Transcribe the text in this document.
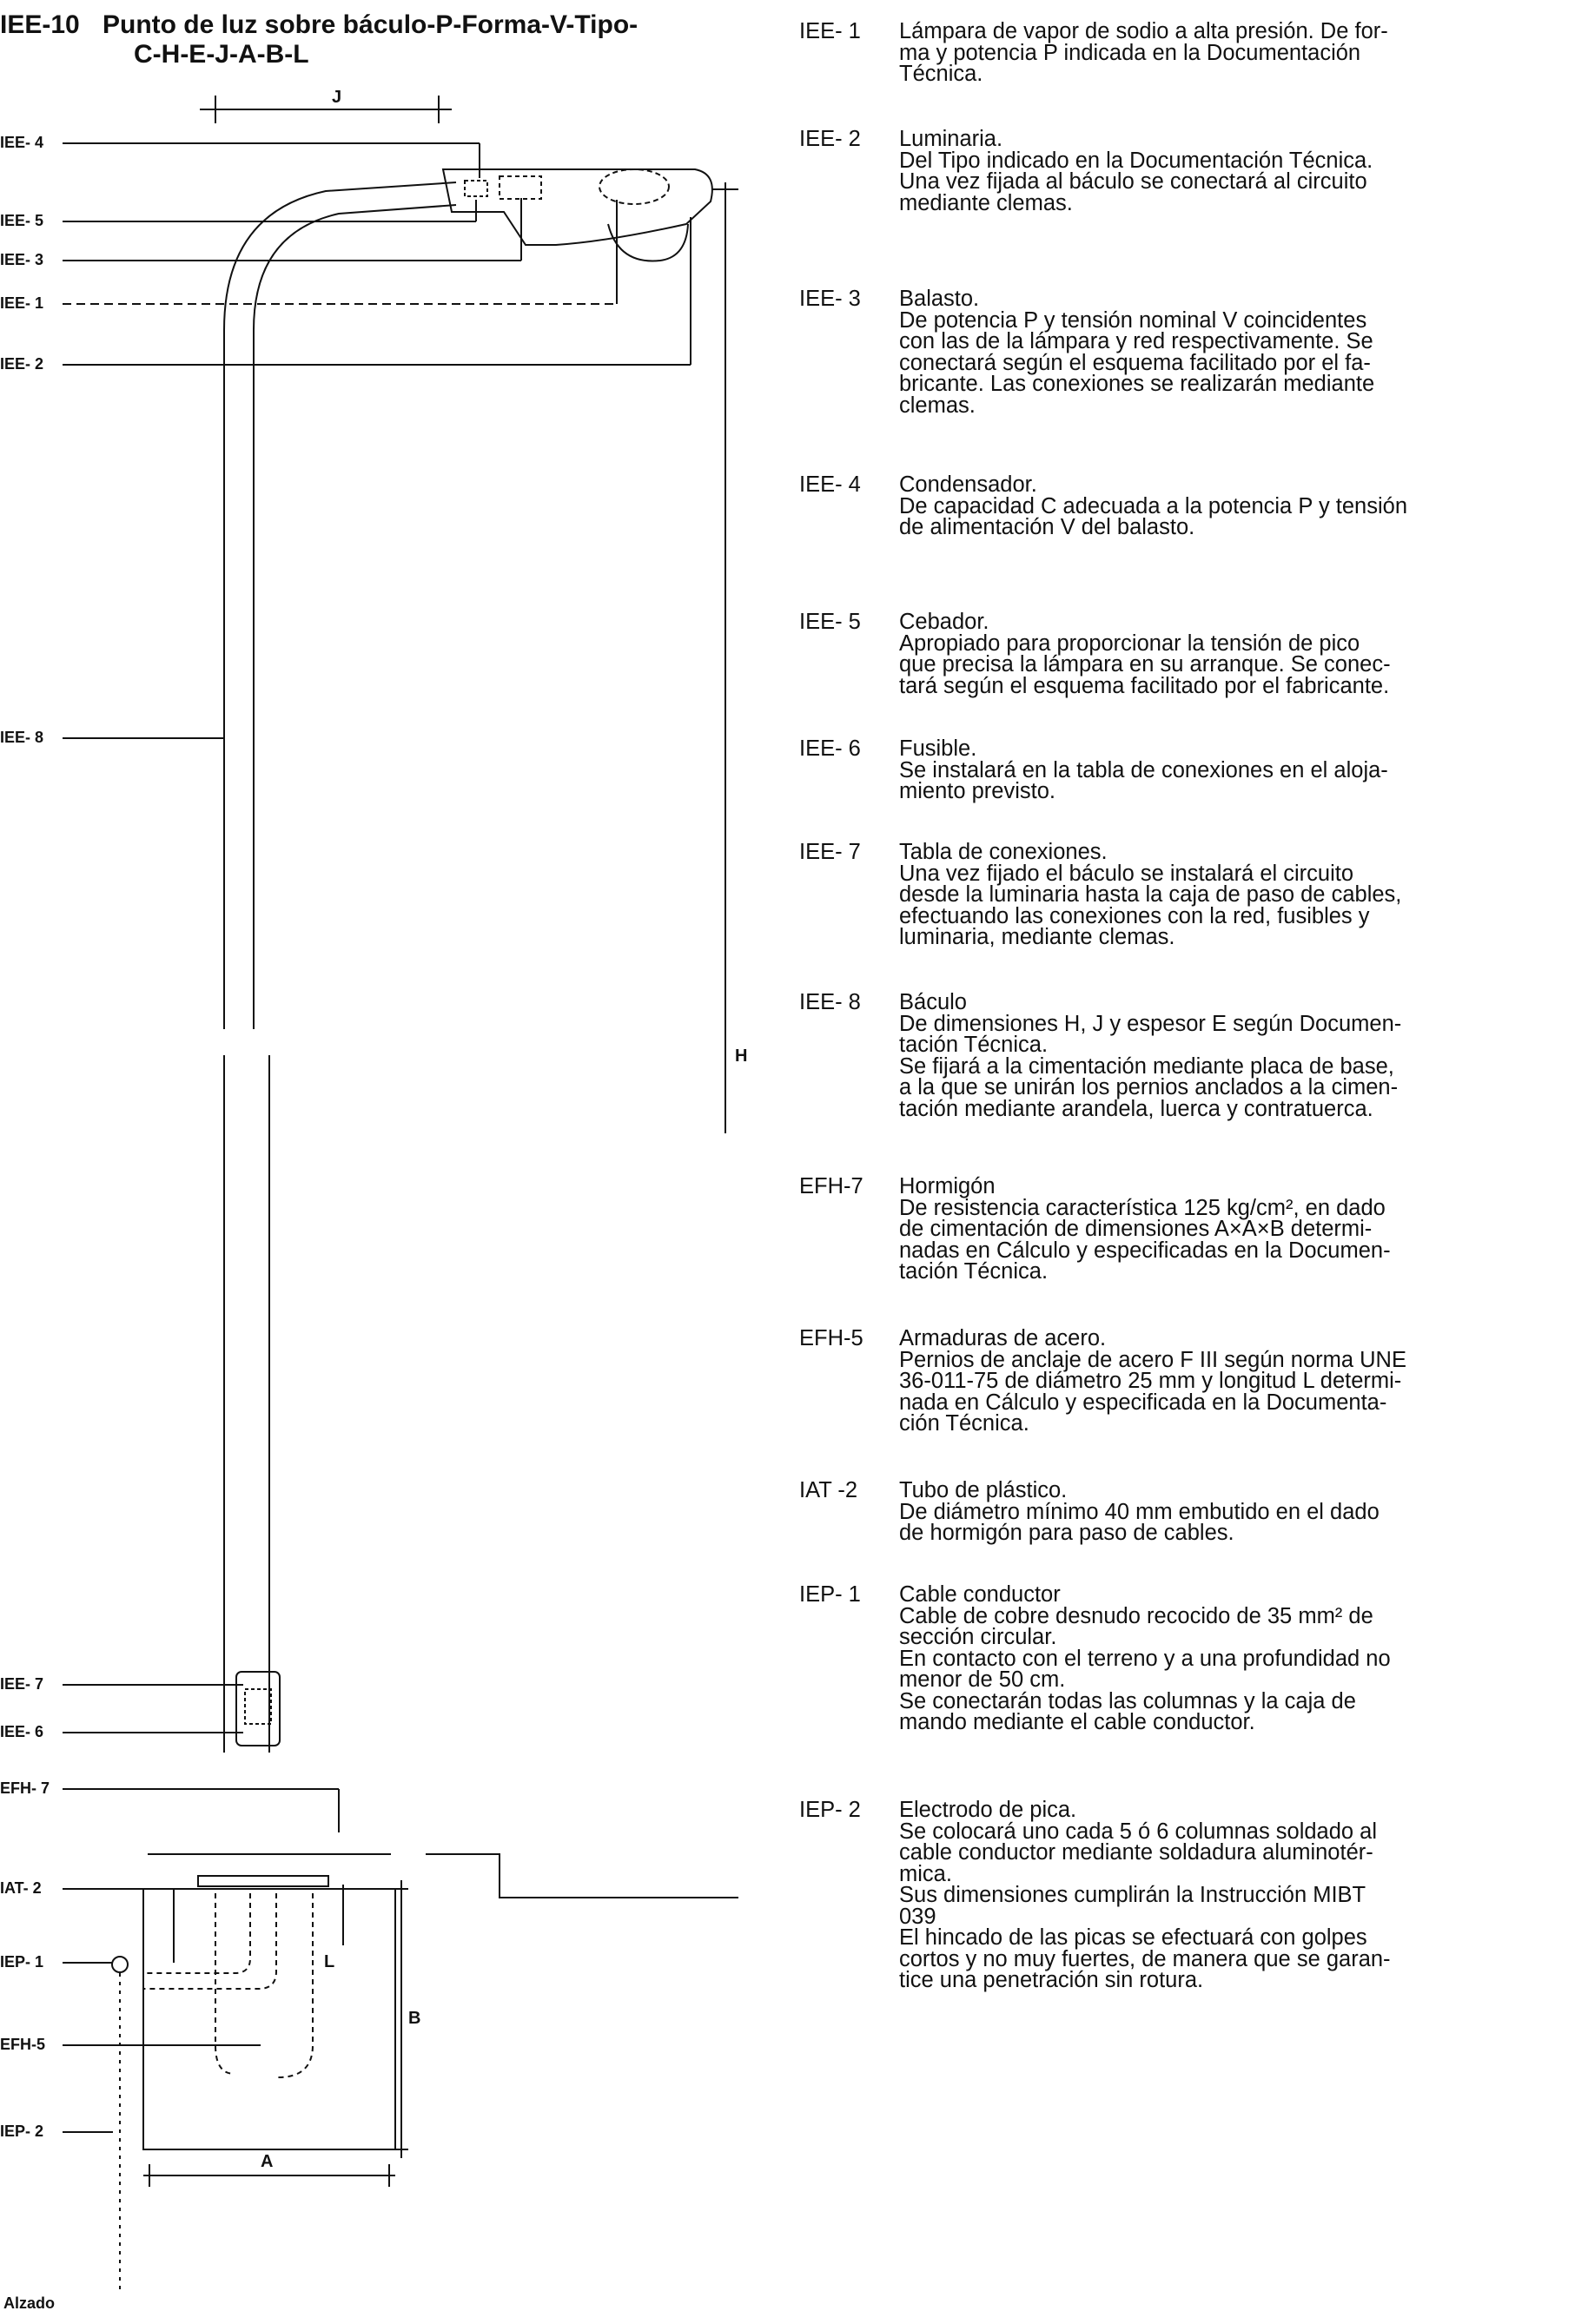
IEE-10 Punto de luz sobre báculo-P-Forma-V-Tipo-
C-H-E-J-A-B-L
IEE- 4
IEE- 5
IEE- 3
IEE- 1
IEE- 2
IEE- 8
IEE- 7
IEE- 6
EFH- 7
IAT- 2
IEP- 1
EFH-5
IEP- 2
J
H
L
B
A
IEE- 1	Lámpara de vapor de sodio a alta presión. De for-
ma y potencia P indicada en la Documentación
Técnica.
IEE- 2	Luminaria.
Del Tipo indicado en la Documentación Técnica.
Una vez fijada al báculo se conectará al circuito
mediante clemas.
IEE- 3	Balasto.
De potencia P y tensión nominal V coincidentes
con las de la lámpara y red respectivamente. Se
conectará según el esquema facilitado por el fa-
bricante. Las conexiones se realizarán mediante
clemas.
IEE- 4	Condensador.
De capacidad C adecuada a la potencia P y tensión
de alimentación V del balasto.
IEE- 5	Cebador.
Apropiado para proporcionar la tensión de pico
que precisa la lámpara en su arranque. Se conec-
tará según el esquema facilitado por el fabricante.
IEE- 6	Fusible.
Se instalará en la tabla de conexiones en el aloja-
miento previsto.
IEE- 7	Tabla de conexiones.
Una vez fijado el báculo se instalará el circuito
desde la luminaria hasta la caja de paso de cables,
efectuando las conexiones con la red, fusibles y
luminaria, mediante clemas.
IEE- 8	Báculo
De dimensiones H, J y espesor E según Documen-
tación Técnica.
Se fijará a la cimentación mediante placa de base,
a la que se unirán los pernios anclados a la cimen-
tación mediante arandela, luerca y contratuerca.
EFH-7	Hormigón
De resistencia característica 125 kg/cm², en dado
de cimentación de dimensiones A×A×B determi-
nadas en Cálculo y especificadas en la Documen-
tación Técnica.
EFH-5	Armaduras de acero.
Pernios de anclaje de acero F III según norma UNE
36-011-75 de diámetro 25 mm y longitud L determi-
nada en Cálculo y especificada en la Documenta-
ción Técnica.
IAT -2	Tubo de plástico.
De diámetro mínimo 40 mm embutido en el dado
de hormigón para paso de cables.
IEP- 1	Cable conductor
Cable de cobre desnudo recocido de 35 mm² de
sección circular.
En contacto con el terreno y a una profundidad no
menor de 50 cm.
Se conectarán todas las columnas y la caja de
mando mediante el cable conductor.
IEP- 2	Electrodo de pica.
Se colocará uno cada 5 ó 6 columnas soldado al
cable conductor mediante soldadura aluminotér-
mica.
Sus dimensiones cumplirán la Instrucción MIBT
039
El hincado de las picas se efectuará con golpes
cortos y no muy fuertes, de manera que se garan-
tice una penetración sin rotura.
Alzado
